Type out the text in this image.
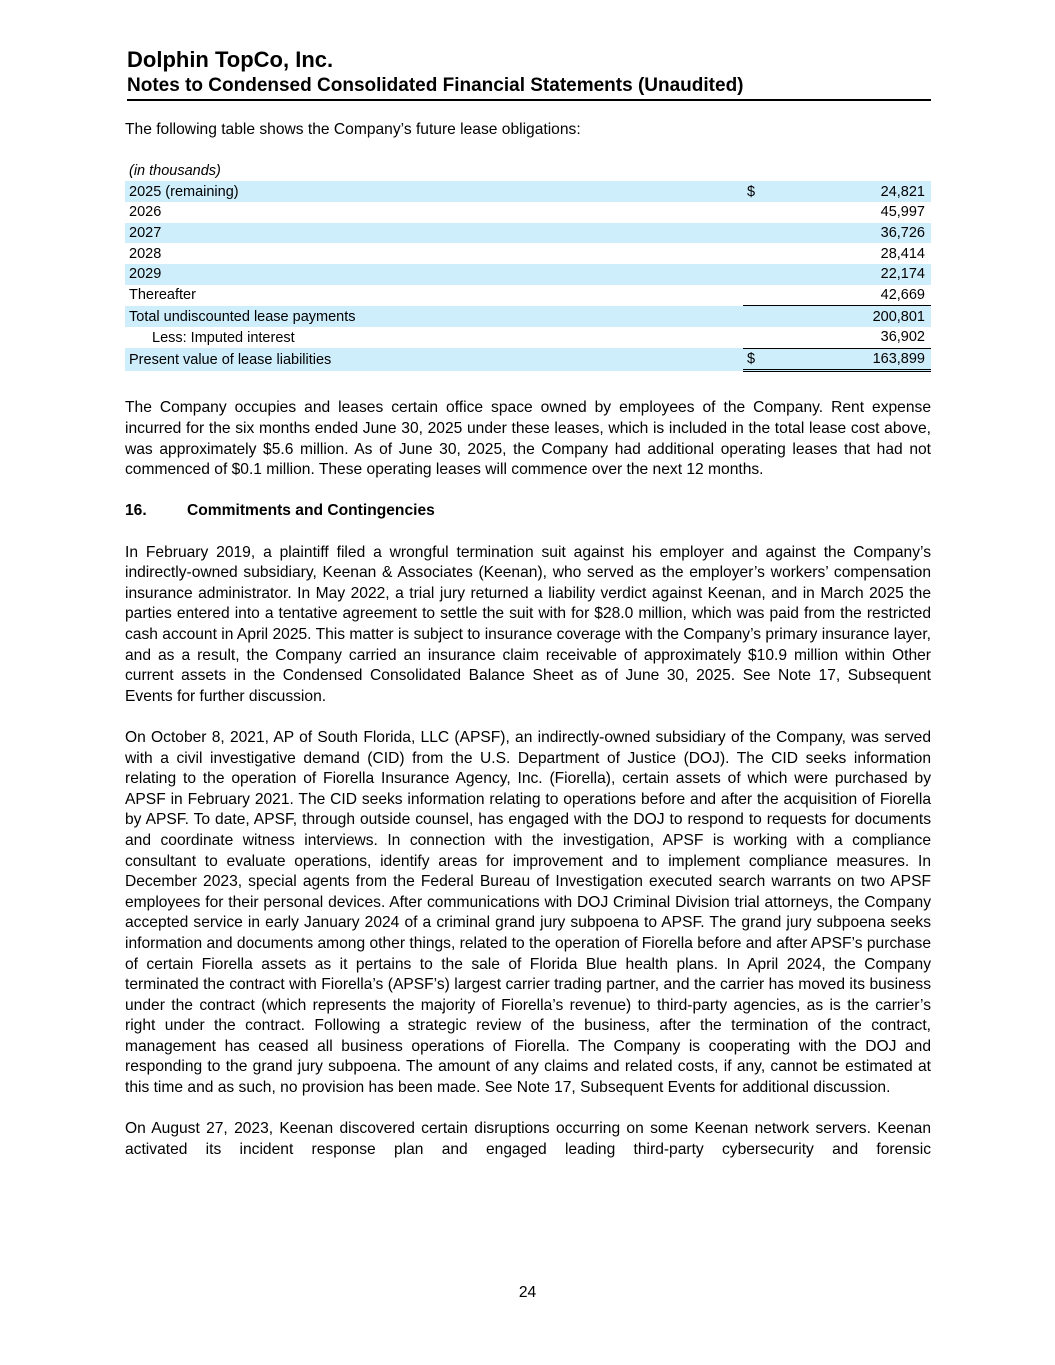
Dolphin TopCo, Inc.
Notes to Condensed Consolidated Financial Statements (Unaudited)

The following table shows the Company’s future lease obligations:

(in thousands)		
2025 (remaining)	$	24,821
2026		45,997
2027		36,726
2028		28,414
2029		22,174
Thereafter		42,669
Total undiscounted lease payments		200,801
Less: Imputed interest		36,902
Present value of lease liabilities	$	163,899

The Company occupies and leases certain office space owned by employees of the Company. Rent expense incurred for the six months ended June 30, 2025 under these leases, which is included in the total lease cost above, was approximately $5.6 million. As of June 30, 2025, the Company had additional operating leases that had not commenced of $0.1 million. These operating leases will commence over the next 12 months.

16.	Commitments and Contingencies

In February 2019, a plaintiff filed a wrongful termination suit against his employer and against the Company’s indirectly-owned subsidiary, Keenan & Associates (Keenan), who served as the employer’s workers’ compensation insurance administrator. In May 2022, a trial jury returned a liability verdict against Keenan, and in March 2025 the parties entered into a tentative agreement to settle the suit with for $28.0 million, which was paid from the restricted cash account in April 2025. This matter is subject to insurance coverage with the Company’s primary insurance layer, and as a result, the Company carried an insurance claim receivable of approximately $10.9 million within Other current assets in the Condensed Consolidated Balance Sheet as of June 30, 2025. See Note 17, Subsequent Events for further discussion.

On October 8, 2021, AP of South Florida, LLC (APSF), an indirectly-owned subsidiary of the Company, was served with a civil investigative demand (CID) from the U.S. Department of Justice (DOJ). The CID seeks information relating to the operation of Fiorella Insurance Agency, Inc. (Fiorella), certain assets of which were purchased by APSF in February 2021. The CID seeks information relating to operations before and after the acquisition of Fiorella by APSF. To date, APSF, through outside counsel, has engaged with the DOJ to respond to requests for documents and coordinate witness interviews. In connection with the investigation, APSF is working with a compliance consultant to evaluate operations, identify areas for improvement and to implement compliance measures. In December 2023, special agents from the Federal Bureau of Investigation executed search warrants on two APSF employees for their personal devices. After communications with DOJ Criminal Division trial attorneys, the Company accepted service in early January 2024 of a criminal grand jury subpoena to APSF. The grand jury subpoena seeks information and documents among other things, related to the operation of Fiorella before and after APSF’s purchase of certain Fiorella assets as it pertains to the sale of Florida Blue health plans. In April 2024, the Company terminated the contract with Fiorella’s (APSF’s) largest carrier trading partner, and the carrier has moved its business under the contract (which represents the majority of Fiorella’s revenue) to third-party agencies, as is the carrier’s right under the contract. Following a strategic review of the business, after the termination of the contract, management has ceased all business operations of Fiorella. The Company is cooperating with the DOJ and responding to the grand jury subpoena. The amount of any claims and related costs, if any, cannot be estimated at this time and as such, no provision has been made. See Note 17, Subsequent Events for additional discussion.

On August 27, 2023, Keenan discovered certain disruptions occurring on some Keenan network servers. Keenan activated its incident response plan and engaged leading third-party cybersecurity and forensic

24
